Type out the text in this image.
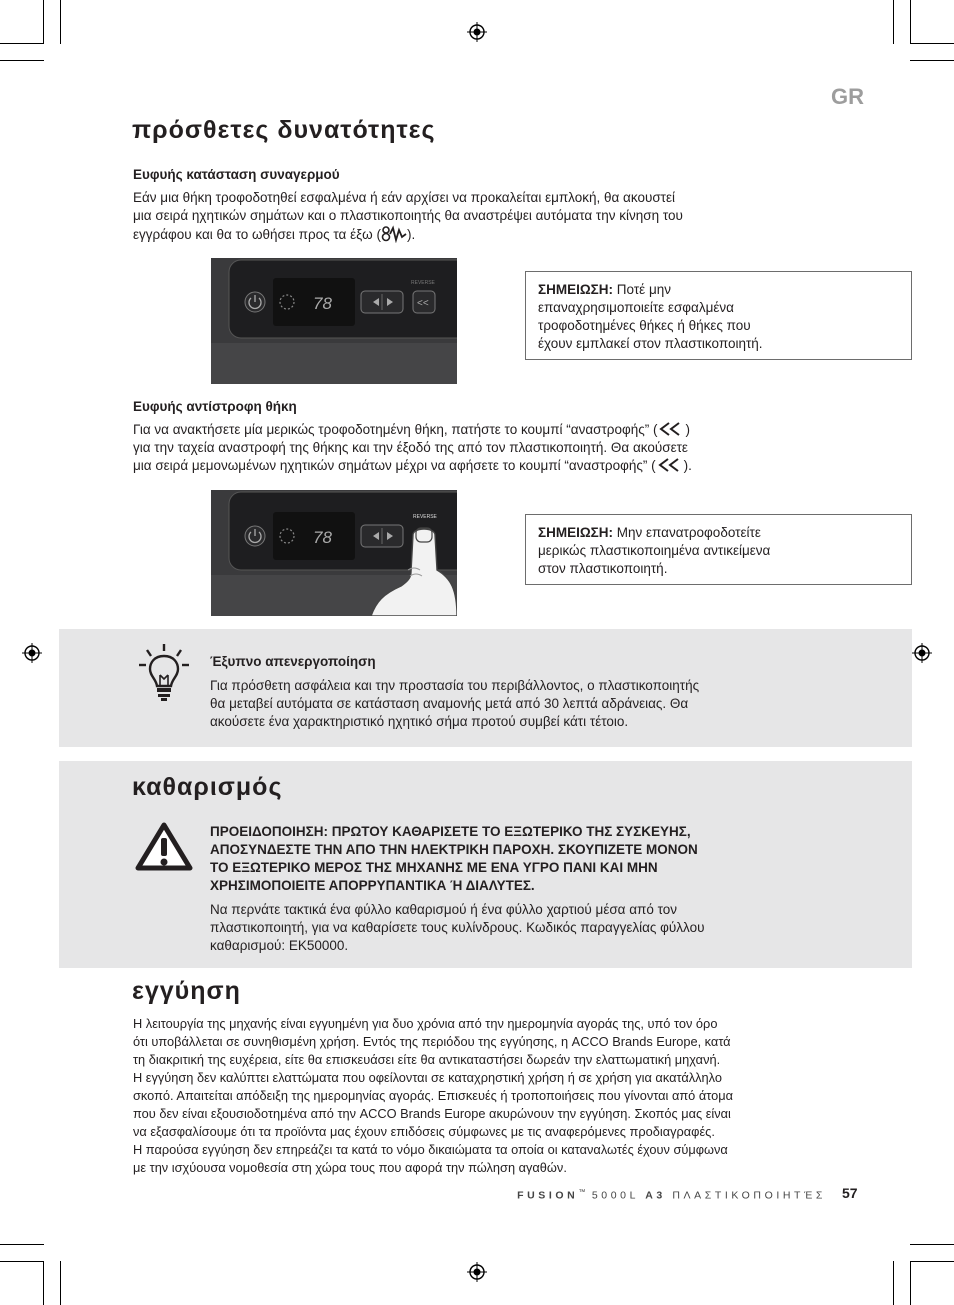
GR
πρόσθετες δυνατότητες
Ευφυής κατάσταση συναγερμού
Εάν μια θήκη τροφοδοτηθεί εσφαλμένα ή εάν αρχίσει να προκαλείται εμπλοκή, θα ακουστεί
μια σειρά ηχητικών σημάτων και ο πλαστικοποιητής θα αναστρέψει αυτόματα την κίνηση του
εγγράφου και θα το ωθήσει προς τα έξω ( ).
78	<<
REVERSE	ΣΗΜΕΙΩΣΗ: Ποτέ μην
επαναχρησιμοποιείτε εσφαλμένα
τροφοδοτημένες θήκες ή θήκες που
έχουν εμπλακεί στον πλαστικοποιητή.
Ευφυής αντίστροφη θήκη
Για να ανακτήσετε μία μερικώς τροφοδοτημένη θήκη, πατήστε το κουμπί “αναστροφής” ( )
για την ταχεία αναστροφή της θήκης και την έξοδό της από τον πλαστικοποιητή. Θα ακούσετε
μια σειρά μεμονωμένων ηχητικών σημάτων μέχρι να αφήσετε το κουμπί “αναστροφής” ( ).
78
REVERSE
ΣΗΜΕΙΩΣΗ: Μην επανατροφοδοτείτε
μερικώς πλαστικοποιημένα αντικείμενα
στον πλαστικοποιητή.
Έξυπνο απενεργοποίηση
Για πρόσθετη ασφάλεια και την προστασία του περιβάλλοντος, ο πλαστικοποιητής
θα μεταβεί αυτόματα σε κατάσταση αναμονής μετά από 30 λεπτά αδράνειας. Θα
ακούσετε ένα χαρακτηριστικό ηχητικό σήμα προτού συμβεί κάτι τέτοιο.
καθαρισμός
ΠΡΟΕΙΔΟΠΟΙΗΣΗ: ΠΡΩΤΟΥ ΚΑΘΑΡΙΣΕΤΕ ΤΟ ΕΞΩΤΕΡΙΚΟ ΤΗΣ ΣΥΣΚΕΥΗΣ,
ΑΠΟΣΥΝΔΕΣΤΕ ΤΗΝ ΑΠΟ ΤΗΝ ΗΛΕΚΤΡΙΚΗ ΠΑΡΟΧΗ. ΣΚΟΥΠΙΖΕΤΕ ΜΟΝΟΝ
ΤΟ ΕΞΩΤΕΡΙΚΟ ΜΕΡΟΣ ΤΗΣ ΜΗΧΑΝΗΣ ΜΕ ΕΝΑ ΥΓΡΟ ΠΑΝΙ ΚΑΙ ΜΗΝ
ΧΡΗΣΙΜΟΠΟΙΕΙΤΕ ΑΠΟΡΡΥΠΑΝΤΙΚΑ Ή ΔΙΑΛΥΤΕΣ.
Να περνάτε τακτικά ένα φύλλο καθαρισμού ή ένα φύλλο χαρτιού μέσα από τον
πλαστικοποιητή, για να καθαρίσετε τους κυλίνδρους. Κωδικός παραγγελίας φύλλου
καθαρισμού: EK50000.
εγγύηση
Η λειτουργία της μηχανής είναι εγγυημένη για δυο χρόνια από την ημερομηνία αγοράς της, υπό τον όρο
ότι υποβάλλεται σε συνηθισμένη χρήση. Εντός της περιόδου της εγγύησης, η ACCO Brands Europe, κατά
τη διακριτική της ευχέρεια, είτε θα επισκευάσει είτε θα αντικαταστήσει δωρεάν την ελαττωματική μηχανή.
Η εγγύηση δεν καλύπτει ελαττώματα που οφείλονται σε καταχρηστική χρήση ή σε χρήση για ακατάλληλο
σκοπό. Απαιτείται απόδειξη της ημερομηνίας αγοράς. Επισκευές ή τροποποιήσεις που γίνονται από άτομα
που δεν είναι εξουσιοδοτημένα από την ACCO Brands Europe ακυρώνουν την εγγύηση. Σκοπός μας είναι
να εξασφαλίσουμε ότι τα προϊόντα μας έχουν επιδόσεις σύμφωνες με τις αναφερόμενες προδιαγραφές.
Η παρούσα εγγύηση δεν επηρεάζει τα κατά το νόμο δικαιώματα τα οποία οι καταναλωτές έχουν σύμφωνα
με την ισχύουσα νομοθεσία στη χώρα τους που αφορά την πώληση αγαθών.
FUSION™ 5000L A3 ΠΛΑΣΤΙΚΟΠΟΙΗΤΈΣ 57
